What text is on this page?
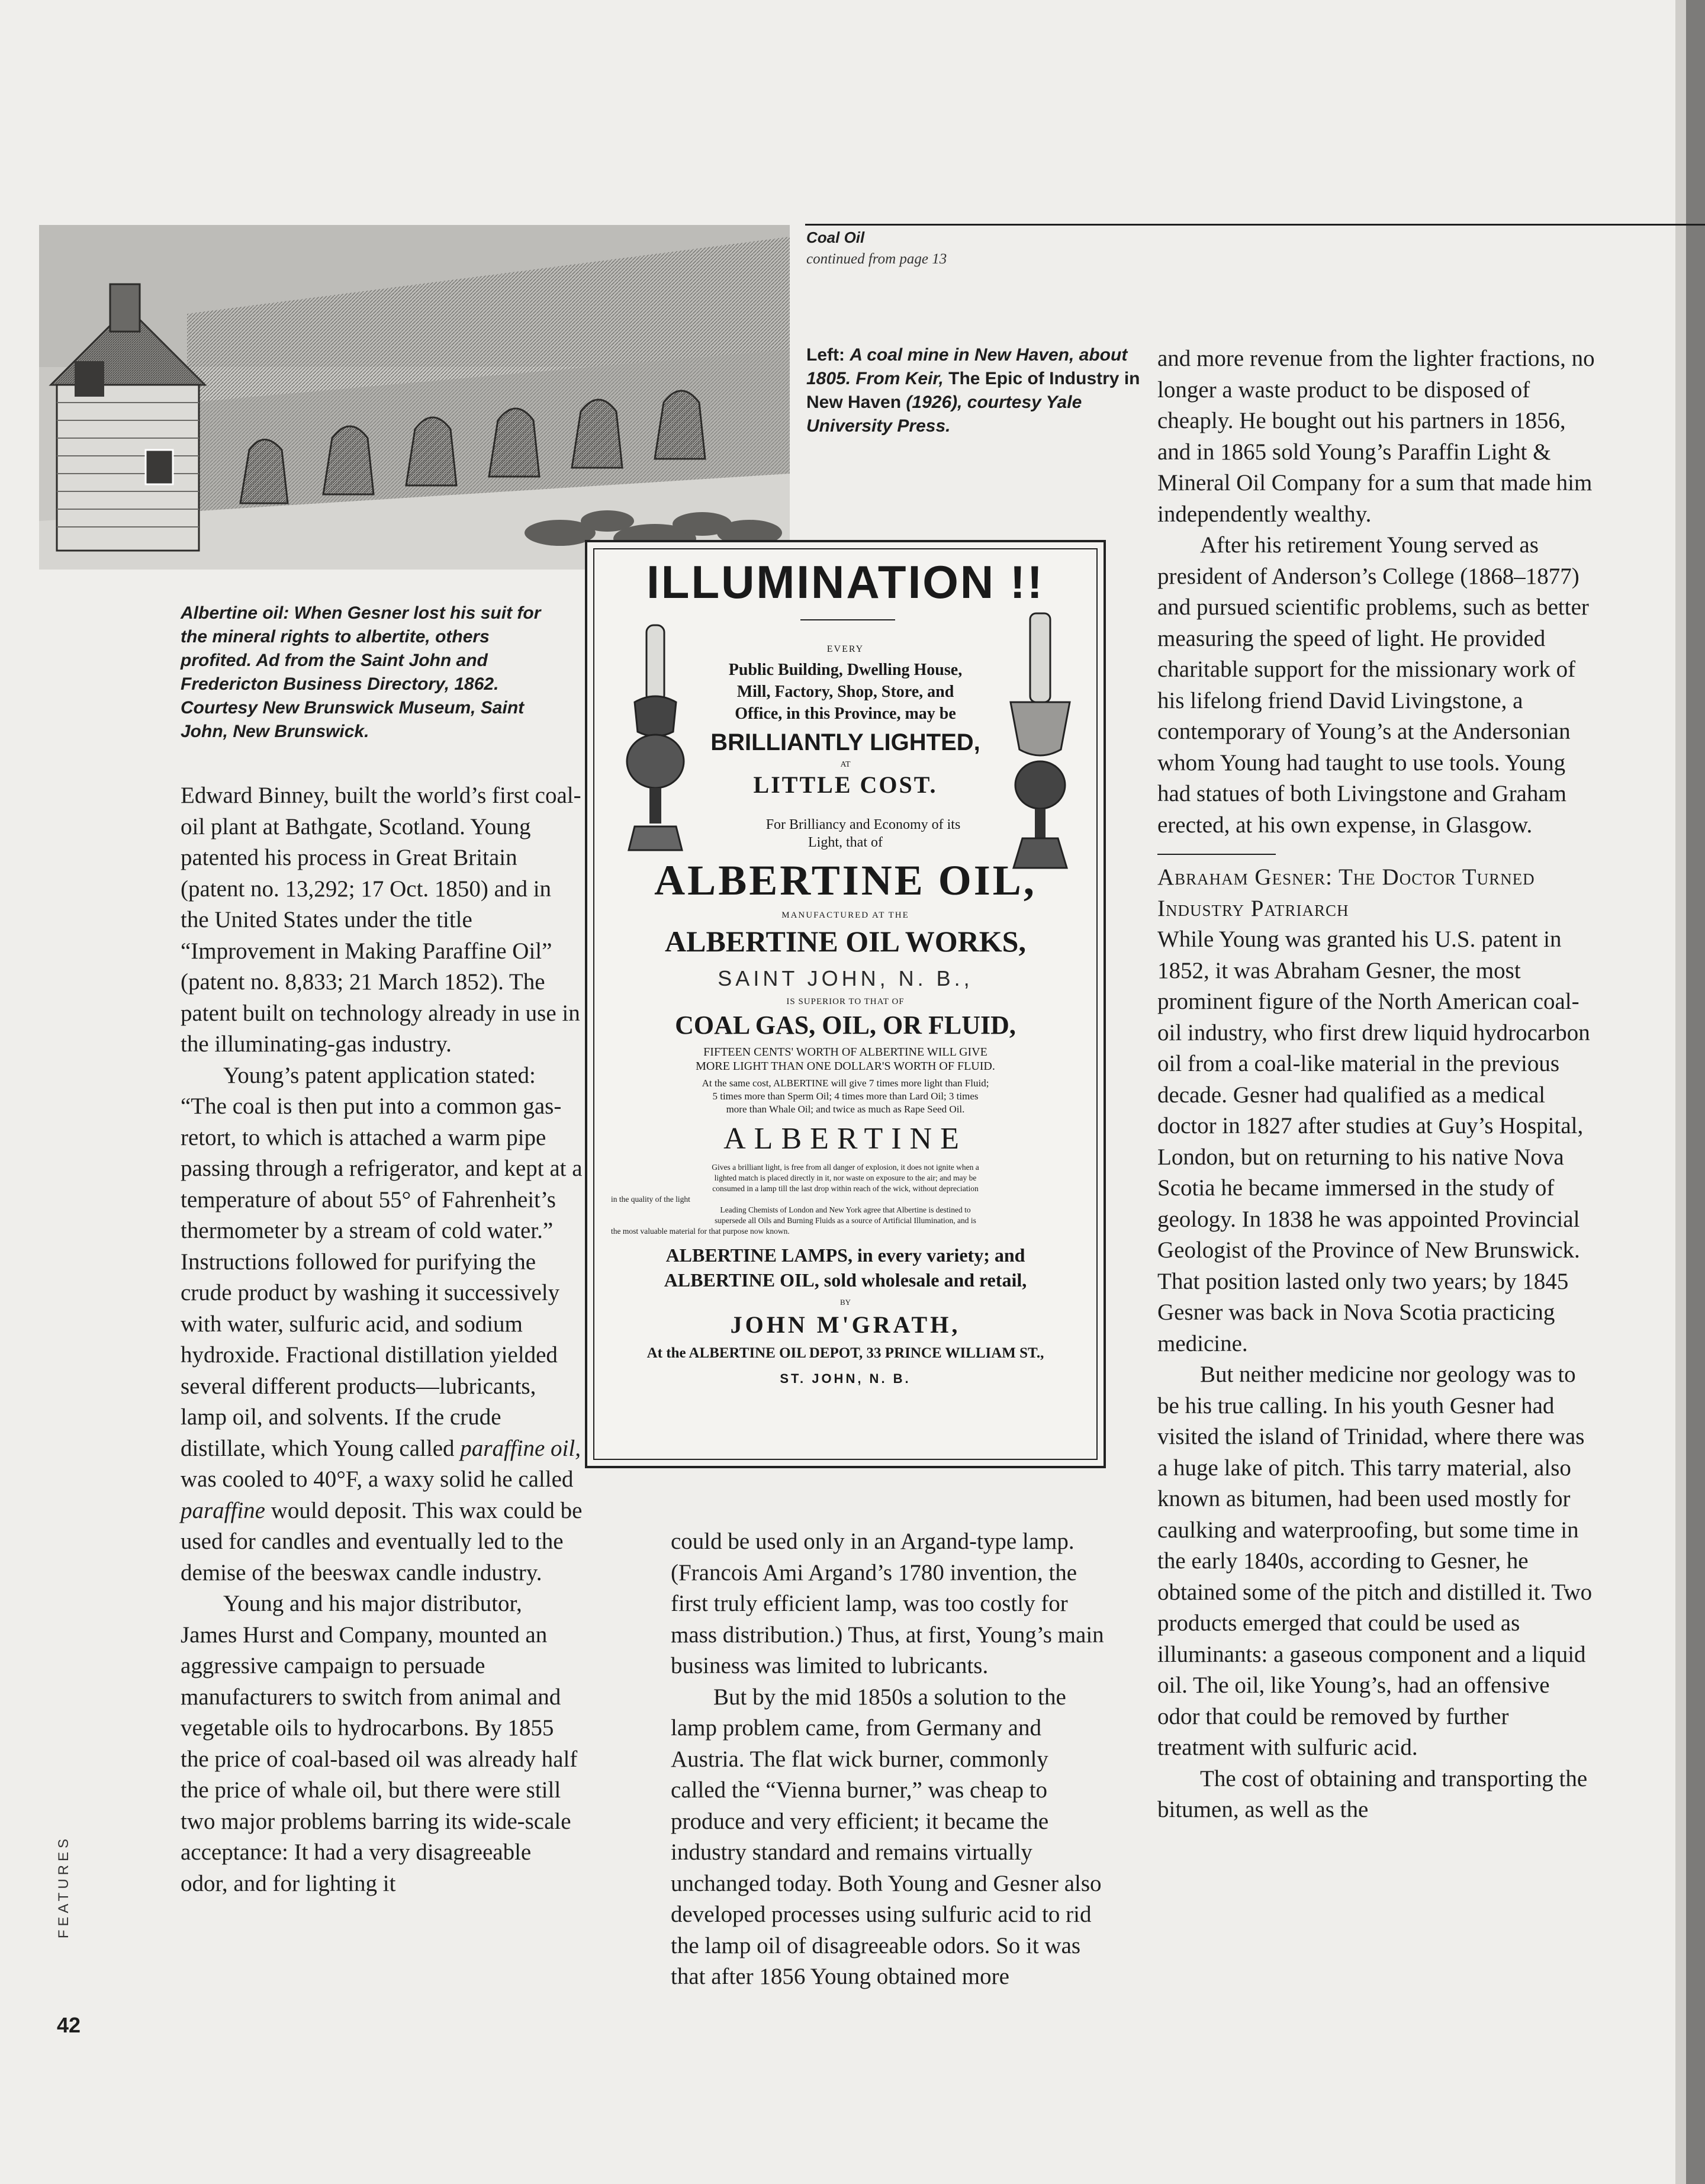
Coal Oil
continued from page 13
Left: A coal mine in New Haven, about 1805. From Keir, The Epic of Industry in New Haven (1926), courtesy Yale University Press.
Albertine oil: When Gesner lost his suit for the mineral rights to albertite, others profited. Ad from the Saint John and Fredericton Business Directory, 1862. Courtesy New Brunswick Museum, Saint John, New Brunswick.
ILLUMINATION !!
EVERY
Public Building, Dwelling House,
Mill, Factory, Shop, Store, and
Office, in this Province, may be
BRILLIANTLY LIGHTED,
AT
LITTLE COST.
For Brilliancy and Economy of its
Light, that of
ALBERTINE OIL,
MANUFACTURED AT THE
ALBERTINE OIL WORKS,
SAINT JOHN, N. B.,
IS SUPERIOR TO THAT OF
COAL GAS, OIL, OR FLUID,
FIFTEEN CENTS' WORTH OF ALBERTINE WILL GIVE
MORE LIGHT THAN ONE DOLLAR'S WORTH OF FLUID.
At the same cost, ALBERTINE will give 7 times more light than Fluid;
5 times more than Sperm Oil; 4 times more than Lard Oil; 3 times
more than Whale Oil; and twice as much as Rape Seed Oil.
ALBERTINE
Gives a brilliant light, is free from all danger of explosion, it does not ignite when a
lighted match is placed directly in it, nor waste on exposure to the air; and may be
consumed in a lamp till the last drop within reach of the wick, without depreciation
in the quality of the light
Leading Chemists of London and New York agree that Albertine is destined to
supersede all Oils and Burning Fluids as a source of Artificial Illumination, and is
the most valuable material for that purpose now known.
ALBERTINE LAMPS, in every variety; and
ALBERTINE OIL, sold wholesale and retail,
BY
JOHN M'GRATH,
At the ALBERTINE OIL DEPOT, 33 PRINCE WILLIAM ST.,
ST. JOHN, N. B.

Edward Binney, built the world’s first coal-oil plant at Bathgate, Scotland. Young patented his process in Great Britain (patent no. 13,292; 17 Oct. 1850) and in the United States under the title “Improvement in Making Paraffine Oil” (patent no. 8,833; 21 March 1852). The patent built on technology already in use in the illuminating-gas industry.

Young’s patent application stated: “The coal is then put into a common gas-retort, to which is attached a warm pipe passing through a refrigerator, and kept at a temperature of about 55° of Fahrenheit’s thermometer by a stream of cold water.” Instructions followed for purifying the crude product by washing it successively with water, sulfuric acid, and sodium hydroxide. Fractional distillation yielded several different products—lubricants, lamp oil, and solvents. If the crude distillate, which Young called paraffine oil, was cooled to 40°F, a waxy solid he called paraffine would deposit. This wax could be used for candles and eventually led to the demise of the beeswax candle industry.

Young and his major distributor, James Hurst and Company, mounted an aggressive campaign to persuade manufacturers to switch from animal and vegetable oils to hydrocarbons. By 1855 the price of coal-based oil was already half the price of whale oil, but there were still two major problems barring its wide-scale acceptance: It had a very disagreeable odor, and for lighting it

could be used only in an Argand-type lamp. (Francois Ami Argand’s 1780 invention, the first truly efficient lamp, was too costly for mass distribution.) Thus, at first, Young’s main business was limited to lubricants.

But by the mid 1850s a solution to the lamp problem came, from Germany and Austria. The flat wick burner, commonly called the “Vienna burner,” was cheap to produce and very efficient; it became the industry standard and remains virtually unchanged today. Both Young and Gesner also developed processes using sulfuric acid to rid the lamp oil of disagreeable odors. So it was that after 1856 Young obtained more

and more revenue from the lighter fractions, no longer a waste product to be disposed of cheaply. He bought out his partners in 1856, and in 1865 sold Young’s Paraffin Light & Mineral Oil Company for a sum that made him independently wealthy.

After his retirement Young served as president of Anderson’s College (1868–1877) and pursued scientific problems, such as better measuring the speed of light. He provided charitable support for the missionary work of his lifelong friend David Livingstone, a contemporary of Young’s at the Andersonian whom Young had taught to use tools. Young had statues of both Livingstone and Graham erected, at his own expense, in Glasgow.

Abraham Gesner: The Doctor Turned Industry Patriarch

While Young was granted his U.S. patent in 1852, it was Abraham Gesner, the most prominent figure of the North American coal-oil industry, who first drew liquid hydrocarbon oil from a coal-like material in the previous decade. Gesner had qualified as a medical doctor in 1827 after studies at Guy’s Hospital, London, but on returning to his native Nova Scotia he became immersed in the study of geology. In 1838 he was appointed Provincial Geologist of the Province of New Brunswick. That position lasted only two years; by 1845 Gesner was back in Nova Scotia practicing medicine.

But neither medicine nor geology was to be his true calling. In his youth Gesner had visited the island of Trinidad, where there was a huge lake of pitch. This tarry material, also known as bitumen, had been used mostly for caulking and waterproofing, but some time in the early 1840s, according to Gesner, he obtained some of the pitch and distilled it. Two products emerged that could be used as illuminants: a gaseous component and a liquid oil. The oil, like Young’s, had an offensive odor that could be removed by further treatment with sulfuric acid.

The cost of obtaining and transporting the bitumen, as well as the

FEATURES
42
